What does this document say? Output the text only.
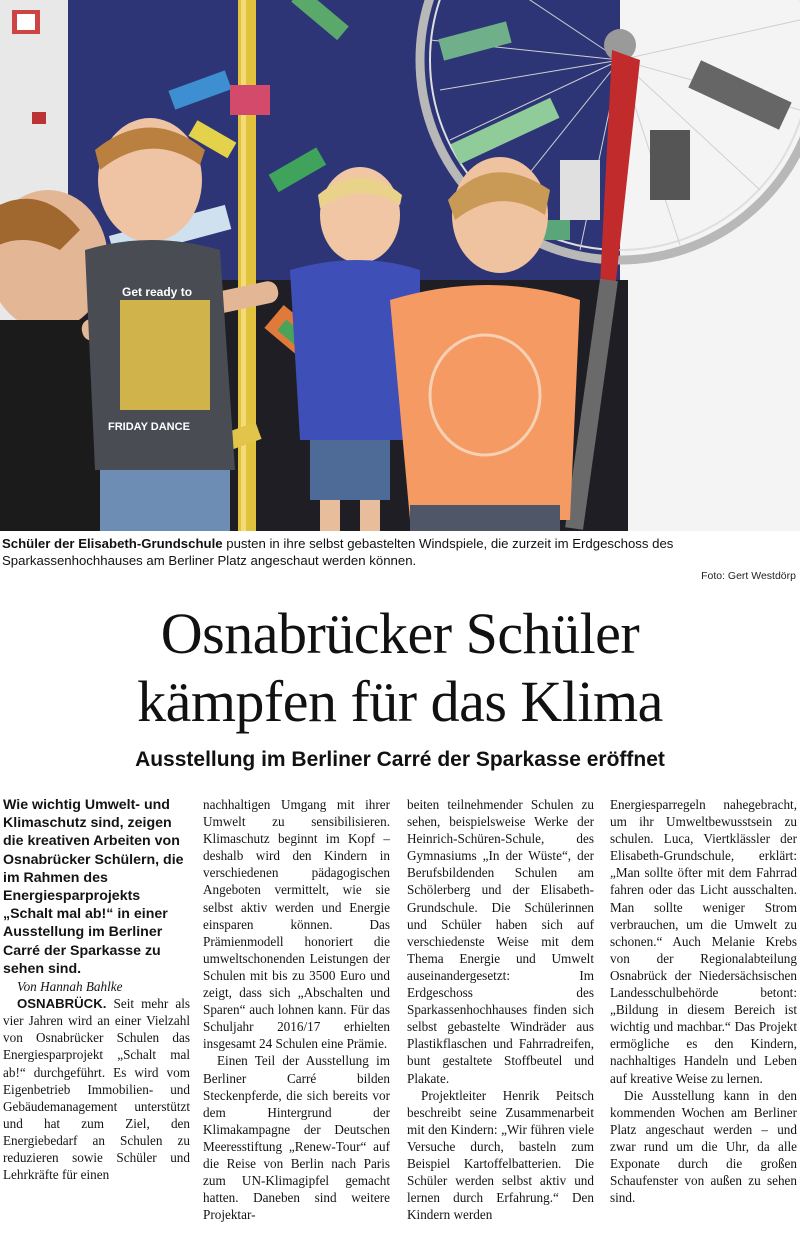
Get ready to
FRIDAY DANCE
Schüler der Elisabeth-Grundschule pusten in ihre selbst gebastelten Windspiele, die zurzeit im Erdgeschoss des Sparkassenhochhauses am Berliner Platz angeschaut werden können.
Foto: Gert Westdörp
Osnabrücker Schüler
kämpfen für das Klima
Ausstellung im Berliner Carré der Sparkasse eröffnet

Wie wichtig Umwelt- und Klimaschutz sind, zeigen die kreativen Arbeiten von Osnabrücker Schülern, die im Rahmen des Energiesparprojekts „Schalt mal ab!“ in einer Ausstellung im Berliner Carré der Sparkasse zu sehen sind.

Von Hannah Bahlke

OSNABRÜCK. Seit mehr als vier Jahren wird an einer Vielzahl von Osnabrücker Schulen das Energiesparprojekt „Schalt mal ab!“ durchgeführt. Es wird vom Eigenbetrieb Immobilien- und Gebäudemanagement unterstützt und hat zum Ziel, den Energiebedarf an Schulen zu reduzieren sowie Schüler und Lehrkräfte für einen

nachhaltigen Umgang mit ihrer Umwelt zu sensibilisieren. Klimaschutz beginnt im Kopf – deshalb wird den Kindern in verschiedenen pädagogischen Angeboten vermittelt, wie sie selbst aktiv werden und Energie einsparen können. Das Prämienmodell honoriert die umweltschonenden Leistungen der Schulen mit bis zu 3500 Euro und zeigt, dass sich „Abschalten und Sparen“ auch lohnen kann. Für das Schuljahr 2016/17 erhielten insgesamt 24 Schulen eine Prämie.

Einen Teil der Ausstellung im Berliner Carré bilden Steckenpferde, die sich bereits vor dem Hintergrund der Klimakampagne der Deutschen Meeresstiftung „Renew-Tour“ auf die Reise von Berlin nach Paris zum UN-Klimagipfel gemacht hatten. Daneben sind weitere Projektar-

beiten teilnehmender Schulen zu sehen, beispielsweise Werke der Heinrich-Schüren-Schule, des Gymnasiums „In der Wüste“, der Berufsbildenden Schulen am Schölerberg und der Elisabeth-Grundschule. Die Schülerinnen und Schüler haben sich auf verschiedenste Weise mit dem Thema Energie und Umwelt auseinandergesetzt: Im Erdgeschoss des Sparkassenhochhauses finden sich selbst gebastelte Windräder aus Plastikflaschen und Fahrradreifen, bunt gestaltete Stoffbeutel und Plakate.

Projektleiter Henrik Peitsch beschreibt seine Zusammenarbeit mit den Kindern: „Wir führen viele Versuche durch, basteln zum Beispiel Kartoffelbatterien. Die Schüler werden selbst aktiv und lernen durch Erfahrung.“ Den Kindern werden

Energiesparregeln nahegebracht, um ihr Umweltbewusstsein zu schulen. Luca, Viertklässler der Elisabeth-Grundschule, erklärt: „Man sollte öfter mit dem Fahrrad fahren oder das Licht ausschalten. Man sollte weniger Strom verbrauchen, um die Umwelt zu schonen.“ Auch Melanie Krebs von der Regionalabteilung Osnabrück der Niedersächsischen Landesschulbehörde betont: „Bildung in diesem Bereich ist wichtig und machbar.“ Das Projekt ermögliche es den Kindern, nachhaltiges Handeln und Leben auf kreative Weise zu lernen.

Die Ausstellung kann in den kommenden Wochen am Berliner Platz angeschaut werden – und zwar rund um die Uhr, da alle Exponate durch die großen Schaufenster von außen zu sehen sind.
